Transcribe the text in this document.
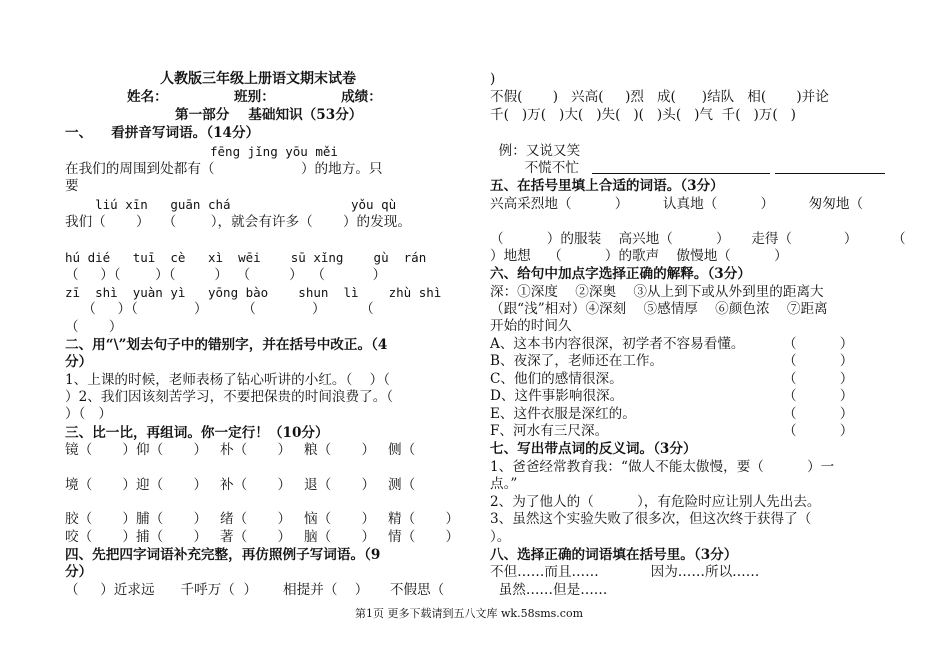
人教版三年级上册语文期末试卷
姓名：              班别：              成绩：
第一部分    基础知识（53分）
一、    看拼音写词语。（14分）
fēng jǐng yōu měi
在我们的周围到处都有（                    ）的地方。只
要
liú xīn   guān chá                yǒu qù
我们（       ）   （        ），就会有许多（       ）的发现。
hú dié   tuī  cè   xì  wēi    sū xǐng    gù  rán
（     ）（        ）（         ）  （         ）  （           ）
zī  shì  yuàn yì   yōng bào    shun  lì    zhù shì
（     ）（             ）        （             ）        （
（       ）
二、用“\”划去句子中的错别字，并在括号中改正。（4
分）
1、上课的时候，老师表杨了钻心听讲的小红。（    ）（
）2、我们因该刻苦学习，不要把保贵的时间浪费了。（
）（   ）
三、比一比，再组词。你一定行！（10分）
镜（       ）仰（       ）   朴（       ）   粮（       ）   侧（
境（       ）迎（       ）   补（       ）   退（       ）   测（
胶（       ）脯（       ）   绪（       ）   恼（       ）   精（       ）
咬（       ）捕（       ）   著（       ）   脑（       ）   情（       ）
四、先把四字词语补充完整，再仿照例子写词语。（9
分）
（     ）近求远      千呼万（  ）      相提并（    ）     不假思（
)
不假(       )   兴高(     )烈   成(      )结队   相(       )并论
千(   )万(   )大(   )失(   )(   )头(   )气  千(   )万(   )
例：又说又笑
不慌不忙
五、在括号里填上合适的词语。（3分）
兴高采烈地（          ）        认真地（          ）        匆匆地（
（          ）的服装    高兴地（          ）     走得（            ）        （
）地想    （          ）的歌声    傲慢地（          ）
六、给句中加点字选择正确的解释。（3分）
深：①深度    ②深奥    ③从上到下或从外到里的距离大
（跟“浅”相对）④深刻    ⑤感情厚    ⑥颜色浓    ⑦距离
开始的时间久
A、这本书内容很深，初学者不容易看懂。	（          ）
B、夜深了，老师还在工作。	（          ）
C、他们的感情很深。	（          ）
D、这件事影响很深。	（          ）
E、这件衣服是深红的。	（          ）
F、河水有三尺深。	（          ）
七、写出带点词的反义词。（3分）
1、爸爸经常教育我：“做人不能太傲慢，要（          ）一
点。”
2、为了他人的（          ），有危险时应让别人先出去。
3、虽然这个实验失败了很多次，但这次终于获得了（
）。
八、选择正确的词语填在括号里。（3分）
不但……而且……            因为……所以……
虽然……但是……
第1页 更多下载请到五八文库 wk.58sms.com
